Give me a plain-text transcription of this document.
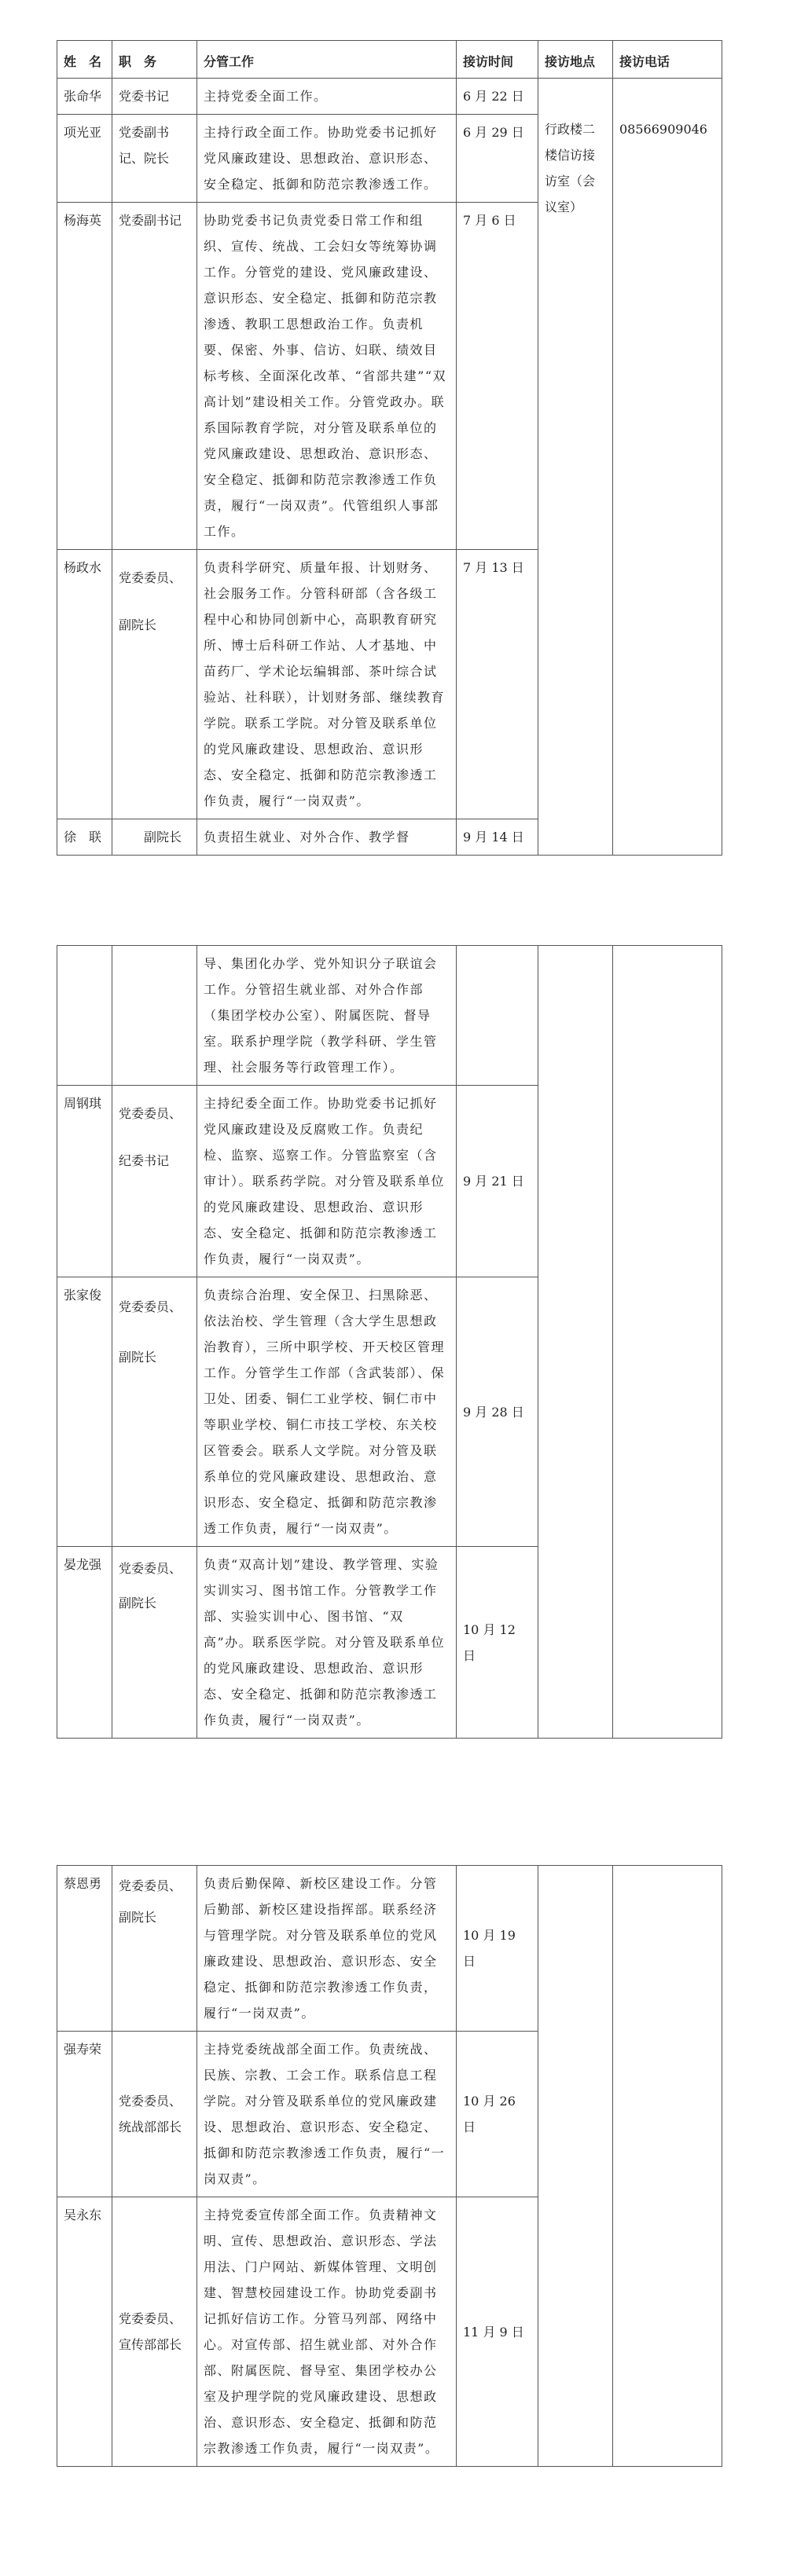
姓　名	职　务	分管工作	接访时间	接访地点	接访电话
张命华	党委书记	主持党委全面工作。	6 月 22 日	行政楼二楼信访接访室（会议室）	08566909046
项光亚	党委副书记、院长	主持行政全面工作。协助党委书记抓好党风廉政建设、思想政治、意识形态、安全稳定、抵御和防范宗教渗透工作。	6 月 29 日		
杨海英	党委副书记	协助党委书记负责党委日常工作和组织、宣传、统战、工会妇女等统筹协调工作。分管党的建设、党风廉政建设、意识形态、安全稳定、抵御和防范宗教渗透、教职工思想政治工作。负责机要、保密、外事、信访、妇联、绩效目标考核、全面深化改革、“省部共建”“双高计划”建设相关工作。分管党政办。联系国际教育学院，对分管及联系单位的党风廉政建设、思想政治、意识形态、安全稳定、抵御和防范宗教渗透工作负责，履行“一岗双责”。代管组织人事部工作。	7 月 6 日		
杨政水	党委委员、副院长	负责科学研究、质量年报、计划财务、社会服务工作。分管科研部（含各级工程中心和协同创新中心，高职教育研究所、博士后科研工作站、人才基地、中苗药厂、学术论坛编辑部、茶叶综合试验站、社科联），计划财务部、继续教育学院。联系工学院。对分管及联系单位的党风廉政建设、思想政治、意识形态、安全稳定、抵御和防范宗教渗透工作负责，履行“一岗双责”。	7 月 13 日		
徐　联	副院长	负责招生就业、对外合作、教学督	9 月 14 日		
		导、集团化办学、党外知识分子联谊会工作。分管招生就业部、对外合作部（集团学校办公室）、附属医院、督导室。联系护理学院（教学科研、学生管理、社会服务等行政管理工作）。			
周钢琪	党委委员、纪委书记	主持纪委全面工作。协助党委书记抓好党风廉政建设及反腐败工作。负责纪检、监察、巡察工作。分管监察室（含审计）。联系药学院。对分管及联系单位的党风廉政建设、思想政治、意识形态、安全稳定、抵御和防范宗教渗透工作负责，履行“一岗双责”。	9 月 21 日		
张家俊	党委委员、副院长	负责综合治理、安全保卫、扫黑除恶、依法治校、学生管理（含大学生思想政治教育），三所中职学校、开天校区管理工作。分管学生工作部（含武装部）、保卫处、团委、铜仁工业学校、铜仁市中等职业学校、铜仁市技工学校、东关校区管委会。联系人文学院。对分管及联系单位的党风廉政建设、思想政治、意识形态、安全稳定、抵御和防范宗教渗透工作负责，履行“一岗双责”。	9 月 28 日		
晏龙强	党委委员、副院长	负责“双高计划”建设、教学管理、实验实训实习、图书馆工作。分管教学工作部、实验实训中心、图书馆、“双高”办。联系医学院。对分管及联系单位的党风廉政建设、思想政治、意识形态、安全稳定、抵御和防范宗教渗透工作负责，履行“一岗双责”。	10 月 12 日		
蔡恩勇	党委委员、副院长	负责后勤保障、新校区建设工作。分管后勤部、新校区建设指挥部。联系经济与管理学院。对分管及联系单位的党风廉政建设、思想政治、意识形态、安全稳定、抵御和防范宗教渗透工作负责，履行“一岗双责”。	10 月 19 日		
强寿荣	党委委员、统战部部长	主持党委统战部全面工作。负责统战、民族、宗教、工会工作。联系信息工程学院。对分管及联系单位的党风廉政建设、思想政治、意识形态、安全稳定、抵御和防范宗教渗透工作负责，履行“一岗双责”。	10 月 26 日		
吴永东	党委委员、宣传部部长	主持党委宣传部全面工作。负责精神文明、宣传、思想政治、意识形态、学法用法、门户网站、新媒体管理、文明创建、智慧校园建设工作。协助党委副书记抓好信访工作。分管马列部、网络中心。对宣传部、招生就业部、对外合作部、附属医院、督导室、集团学校办公室及护理学院的党风廉政建设、思想政治、意识形态、安全稳定、抵御和防范宗教渗透工作负责，履行“一岗双责”。	11 月 9 日		
